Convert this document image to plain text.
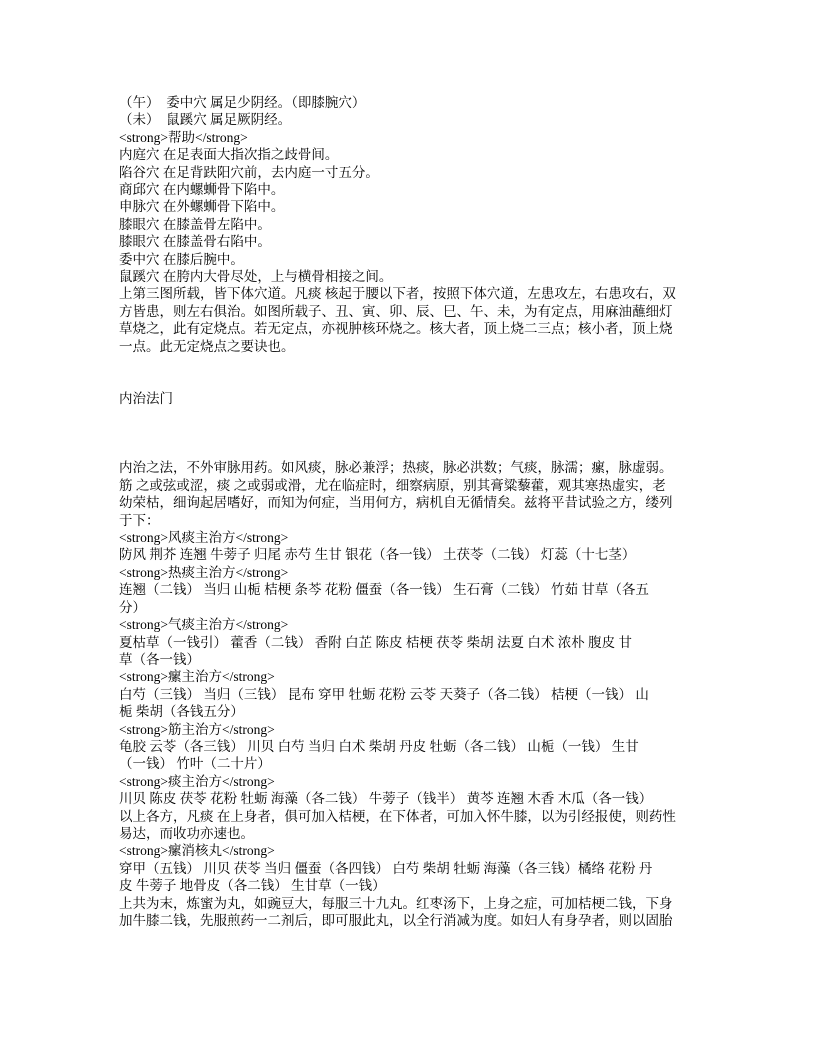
（午）  委中穴 属足少阴经。（即膝腕穴）
（未）  鼠蹊穴 属足厥阴经。
<strong>帮助</strong>
内庭穴 在足表面大指次指之歧骨间。
陷谷穴 在足背趺阳穴前，去内庭一寸五分。
商邱穴 在内螺蛳骨下陷中。
申脉穴 在外螺蛳骨下陷中。
膝眼穴 在膝盖骨左陷中。
膝眼穴 在膝盖骨右陷中。
委中穴 在膝后腕中。
鼠蹊穴 在胯内大骨尽处，上与横骨相接之间。
上第三图所载，皆下体穴道。凡痰 核起于腰以下者，按照下体穴道，左患攻左，右患攻右，双
方皆患，则左右俱治。如图所载子、丑、寅、卯、辰、巳、午、未，为有定点，用麻油蘸细灯
草烧之，此有定烧点。若无定点，亦视肿核环烧之。核大者，顶上烧二三点；核小者，顶上烧
一点。此无定烧点之要诀也。
内治法门
内治之法，不外审脉用药。如风痰，脉必兼浮；热痰，脉必洪数；气痰，脉濡；瘰，脉虚弱。
筋 之或弦或涩，痰 之或弱或滑，尤在临症时，细察病原，别其膏粱藜藿，观其寒热虚实，老
幼荣枯，细询起居嗜好，而知为何症，当用何方，病机自无循情矣。兹将平昔试验之方，缕列
于下：
<strong>风痰主治方</strong>
防风 荆芥 连翘 牛蒡子 归尾 赤芍 生甘 银花（各一钱） 土茯苓（二钱） 灯蕊（十七茎）
<strong>热痰主治方</strong>
连翘（二钱） 当归 山栀 桔梗 条芩 花粉 僵蚕（各一钱） 生石膏（二钱） 竹茹 甘草（各五
分）
<strong>气痰主治方</strong>
夏枯草（一钱引） 藿香（二钱） 香附 白芷 陈皮 桔梗 茯苓 柴胡 法夏 白术 浓朴 腹皮 甘
草（各一钱）
<strong>瘰主治方</strong>
白芍（三钱） 当归（三钱） 昆布 穿甲 牡蛎 花粉 云苓 天葵子（各二钱） 桔梗（一钱） 山
栀 柴胡（各钱五分）
<strong>筋主治方</strong>
龟胶 云苓（各三钱） 川贝 白芍 当归 白术 柴胡 丹皮 牡蛎（各二钱） 山栀（一钱） 生甘
（一钱） 竹叶（二十片）
<strong>痰主治方</strong>
川贝 陈皮 茯苓 花粉 牡蛎 海藻（各二钱） 牛蒡子（钱半） 黄芩 连翘 木香 木瓜（各一钱）
以上各方，凡痰 在上身者，俱可加入桔梗，在下体者，可加入怀牛膝，以为引经报使，则药性
易达，而收功亦速也。
<strong>瘰消核丸</strong>
穿甲（五钱） 川贝 茯苓 当归 僵蚕（各四钱） 白芍 柴胡 牡蛎 海藻（各三钱）橘络 花粉 丹
皮 牛蒡子 地骨皮（各二钱） 生甘草（一钱）
上共为末，炼蜜为丸，如豌豆大，每服三十九丸。红枣汤下，上身之症，可加桔梗二钱，下身
加牛膝二钱，先服煎药一二剂后，即可服此丸，以全行消减为度。如妇人有身孕者，则以固胎
